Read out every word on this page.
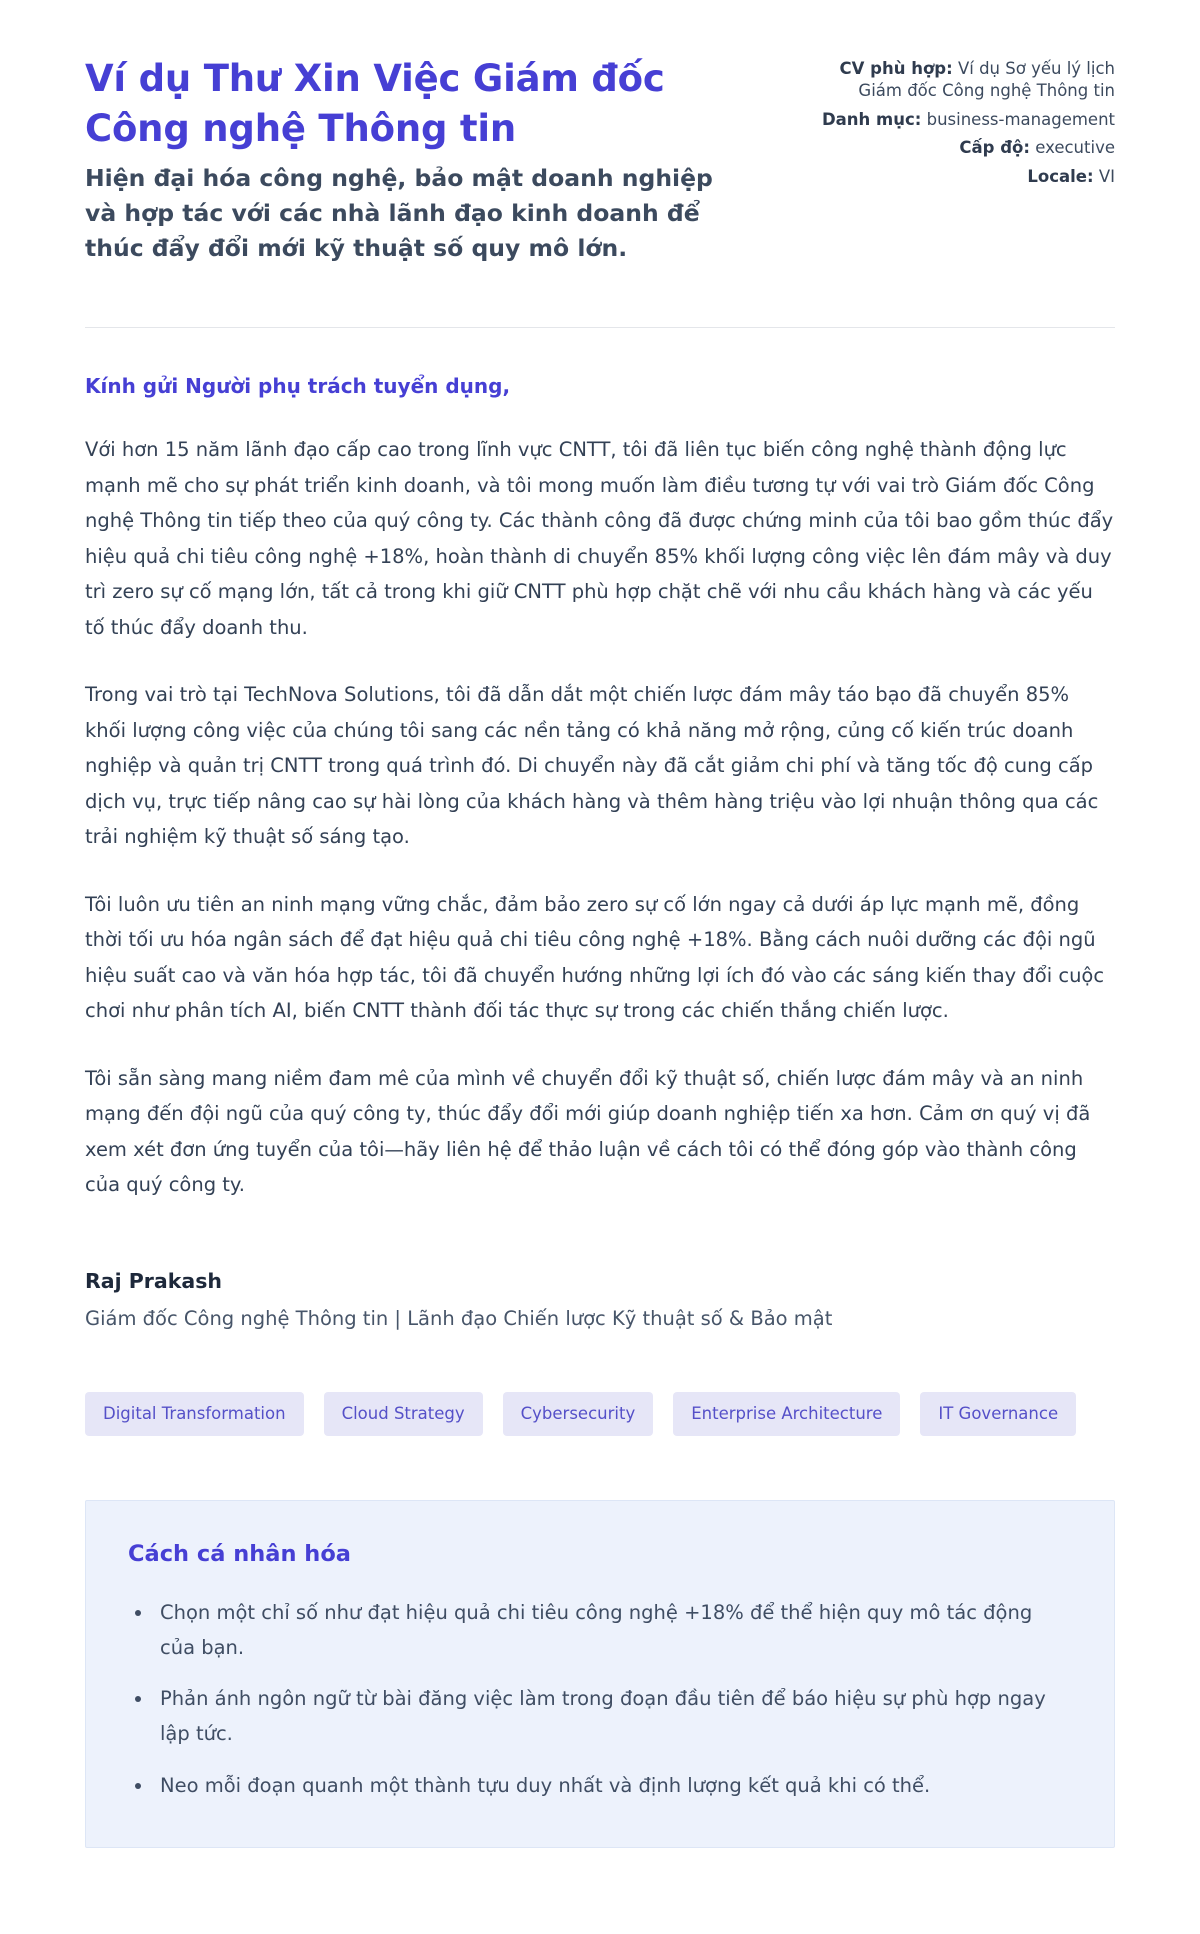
Ví dụ Thư Xin Việc Giám đốc Công nghệ Thông tin
Hiện đại hóa công nghệ, bảo mật doanh nghiệp và hợp tác với các nhà lãnh đạo kinh doanh để thúc đẩy đổi mới kỹ thuật số quy mô lớn.
CV phù hợp: Ví dụ Sơ yếu lý lịch Giám đốc Công nghệ Thông tin
Danh mục: business-management
Cấp độ: executive
Locale: VI
Kính gửi Người phụ trách tuyển dụng,

Với hơn 15 năm lãnh đạo cấp cao trong lĩnh vực CNTT, tôi đã liên tục biến công nghệ thành động lực mạnh mẽ cho sự phát triển kinh doanh, và tôi mong muốn làm điều tương tự với vai trò Giám đốc Công nghệ Thông tin tiếp theo của quý công ty. Các thành công đã được chứng minh của tôi bao gồm thúc đẩy hiệu quả chi tiêu công nghệ +18%, hoàn thành di chuyển 85% khối lượng công việc lên đám mây và duy trì zero sự cố mạng lớn, tất cả trong khi giữ CNTT phù hợp chặt chẽ với nhu cầu khách hàng và các yếu tố thúc đẩy doanh thu.

Trong vai trò tại TechNova Solutions, tôi đã dẫn dắt một chiến lược đám mây táo bạo đã chuyển 85% khối lượng công việc của chúng tôi sang các nền tảng có khả năng mở rộng, củng cố kiến trúc doanh nghiệp và quản trị CNTT trong quá trình đó. Di chuyển này đã cắt giảm chi phí và tăng tốc độ cung cấp dịch vụ, trực tiếp nâng cao sự hài lòng của khách hàng và thêm hàng triệu vào lợi nhuận thông qua các trải nghiệm kỹ thuật số sáng tạo.

Tôi luôn ưu tiên an ninh mạng vững chắc, đảm bảo zero sự cố lớn ngay cả dưới áp lực mạnh mẽ, đồng thời tối ưu hóa ngân sách để đạt hiệu quả chi tiêu công nghệ +18%. Bằng cách nuôi dưỡng các đội ngũ hiệu suất cao và văn hóa hợp tác, tôi đã chuyển hướng những lợi ích đó vào các sáng kiến thay đổi cuộc chơi như phân tích AI, biến CNTT thành đối tác thực sự trong các chiến thắng chiến lược.

Tôi sẵn sàng mang niềm đam mê của mình về chuyển đổi kỹ thuật số, chiến lược đám mây và an ninh mạng đến đội ngũ của quý công ty, thúc đẩy đổi mới giúp doanh nghiệp tiến xa hơn. Cảm ơn quý vị đã xem xét đơn ứng tuyển của tôi—hãy liên hệ để thảo luận về cách tôi có thể đóng góp vào thành công của quý công ty.

Raj Prakash
Giám đốc Công nghệ Thông tin | Lãnh đạo Chiến lược Kỹ thuật số & Bảo mật
Digital Transformation	Cloud Strategy	Cybersecurity	Enterprise Architecture	IT Governance
Cách cá nhân hóa
• Chọn một chỉ số như đạt hiệu quả chi tiêu công nghệ +18% để thể hiện quy mô tác động của bạn.
• Phản ánh ngôn ngữ từ bài đăng việc làm trong đoạn đầu tiên để báo hiệu sự phù hợp ngay lập tức.
• Neo mỗi đoạn quanh một thành tựu duy nhất và định lượng kết quả khi có thể.
